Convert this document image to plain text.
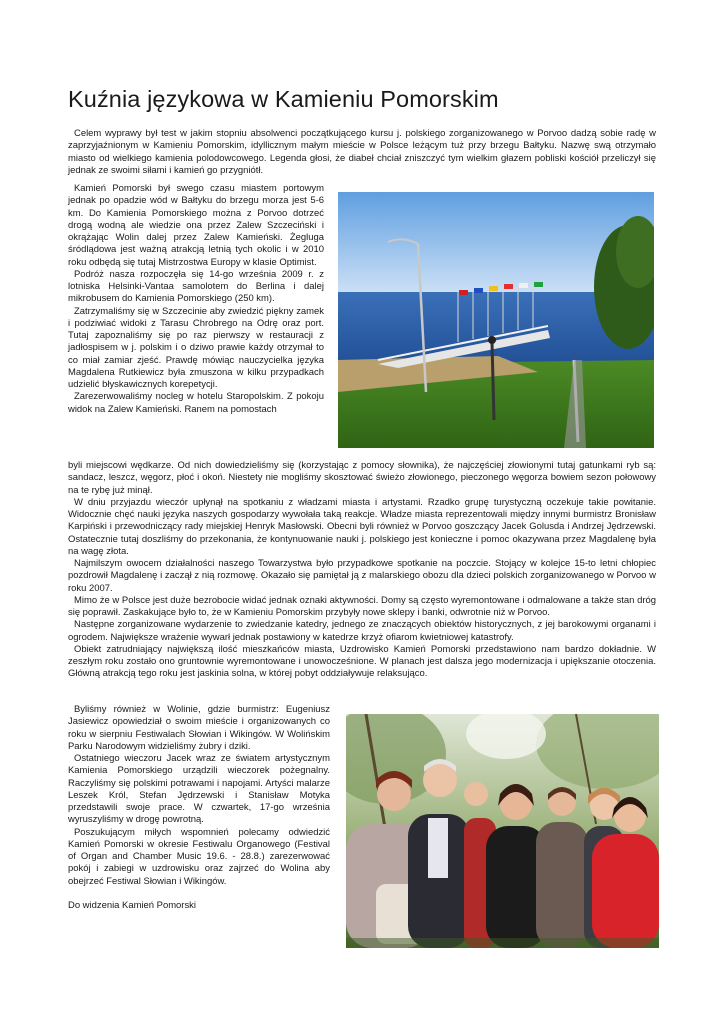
Kuźnia językowa w Kamieniu Pomorskim

Celem wyprawy był test w jakim stopniu absolwenci początkującego kursu j. polskiego zorganizowanego w Porvoo dadzą sobie radę w zaprzyjaźnionym w Kamieniu Pomorskim, idyllicznym małym mieście w Polsce leżącym tuż przy brzegu Bałtyku. Nazwę swą otrzymało miasto od wielkiego kamienia polodowcowego. Legenda głosi, że diabeł chciał zniszczyć tym wielkim głazem pobliski kościół przeliczył się jednak ze swoimi siłami i kamień go przygniótł.

Kamień Pomorski był swego czasu miastem portowym jednak po opadzie wód w Bałtyku do brzegu morza jest 5-6 km. Do Kamienia Pomorskiego można z Porvoo dotrzeć drogą wodną ale wiedzie ona przez Zalew Szczeciński i okrążając Wolin dalej przez Zalew Kamieński. Żegluga śródlądowa jest ważną atrakcją letnią tych okolic i w 2010 roku odbędą się tutaj Mistrzostwa Europy w klasie Optimist.

Podróż nasza rozpoczęła się 14-go września 2009 r. z lotniska Helsinki-Vantaa samolotem do Berlina i dalej mikrobusem do Kamienia Pomorskiego (250 km).

Zatrzymaliśmy się w Szczecinie aby zwiedzić piękny zamek i podziwiać widoki z Tarasu Chrobrego na Odrę oraz port. Tutaj zapoznaliśmy się po raz pierwszy w restauracji z jadłospisem w j. polskim i o dziwo prawie każdy otrzymał to co miał zamiar zjeść. Prawdę mówiąc nauczycielka języka Magdalena Rutkiewicz była zmuszona w kilku przypadkach udzielić błyskawicznych korepetycji.

Zarezerwowaliśmy nocleg w hotelu Staropolskim. Z pokoju widok na Zalew Kamieński. Ranem na pomostach

byli miejscowi wędkarze. Od nich dowiedzieliśmy się (korzystając z pomocy słownika), że najczęściej złowionymi tutaj gatunkami ryb są: sandacz, leszcz, węgorz, płoć i okoń. Niestety nie mogliśmy skosztować świeżo złowionego, pieczonego węgorza bowiem sezon połowowy na te rybę już minął.

W dniu przyjazdu wieczór upłynął na spotkaniu z władzami miasta i artystami. Rzadko grupę turystyczną oczekuje takie powitanie. Widocznie chęć nauki języka naszych gospodarzy wywołała taką reakcje. Władze miasta reprezentowali między innymi burmistrz Bronisław Karpiński i przewodniczący rady miejskiej Henryk Masłowski. Obecni byli również w Porvoo goszczący Jacek Golusda i Andrzej Jędrzewski. Ostatecznie tutaj doszliśmy do przekonania, że kontynuowanie nauki j. polskiego jest konieczne i pomoc okazywana przez Magdalenę była na wagę złota.

Najmilszym owocem działalności naszego Towarzystwa było przypadkowe spotkanie na poczcie. Stojący w kolejce 15-to letni chłopiec pozdrowił Magdalenę i zaczął z nią rozmowę. Okazało się pamiętał ją z malarskiego obozu dla dzieci polskich zorganizowanego w Porvoo w roku 2007.

Mimo że w Polsce jest duże bezrobocie widać jednak oznaki aktywności. Domy są często wyremontowane i odmalowane a także stan dróg się poprawił. Zaskakujące było to, że w Kamieniu Pomorskim przybyły nowe sklepy i banki, odwrotnie niż w Porvoo.

Następne zorganizowane wydarzenie to zwiedzanie katedry, jednego ze znaczących obiektów historycznych, z jej barokowymi organami i ogrodem. Największe wrażenie wywarł jednak postawiony w katedrze krzyż ofiarom kwietniowej katastrofy.

Obiekt zatrudniający największą ilość mieszkańców miasta, Uzdrowisko Kamień Pomorski przedstawiono nam bardzo dokładnie. W zeszłym roku zostało ono gruntownie wyremontowane i unowocześnione. W planach jest dalsza jego modernizacja i upiększanie otoczenia. Główną atrakcją tego roku jest jaskinia solna, w której pobyt oddziaływuje relaksująco.

Byliśmy również w Wolinie, gdzie burmistrz: Eugeniusz Jasiewicz opowiedział o swoim mieście i organizowanych co roku w sierpniu Festiwalach Słowian i Wikingów. W Wolińskim Parku Narodowym widzieliśmy żubry i dziki.

Ostatniego wieczoru Jacek wraz ze światem artystycznym Kamienia Pomorskiego urządzili wieczorek pożegnalny. Raczyliśmy się polskimi potrawami i napojami. Artyści malarze Leszek Król, Stefan Jędrzewski i Stanisław Motyka przedstawili swoje prace. W czwartek, 17-go września wyruszyliśmy w drogę powrotną.

Poszukującym miłych wspomnień polecamy odwiedzić Kamień Pomorski w okresie Festiwalu Organowego (Festival of Organ and Chamber Music 19.6. - 28.8.) zarezerwować pokój i zabiegi w uzdrowisku oraz zajrzeć do Wolina aby obejrzeć Festiwal Słowian i Wikingów.

Do widzenia Kamień Pomorski
